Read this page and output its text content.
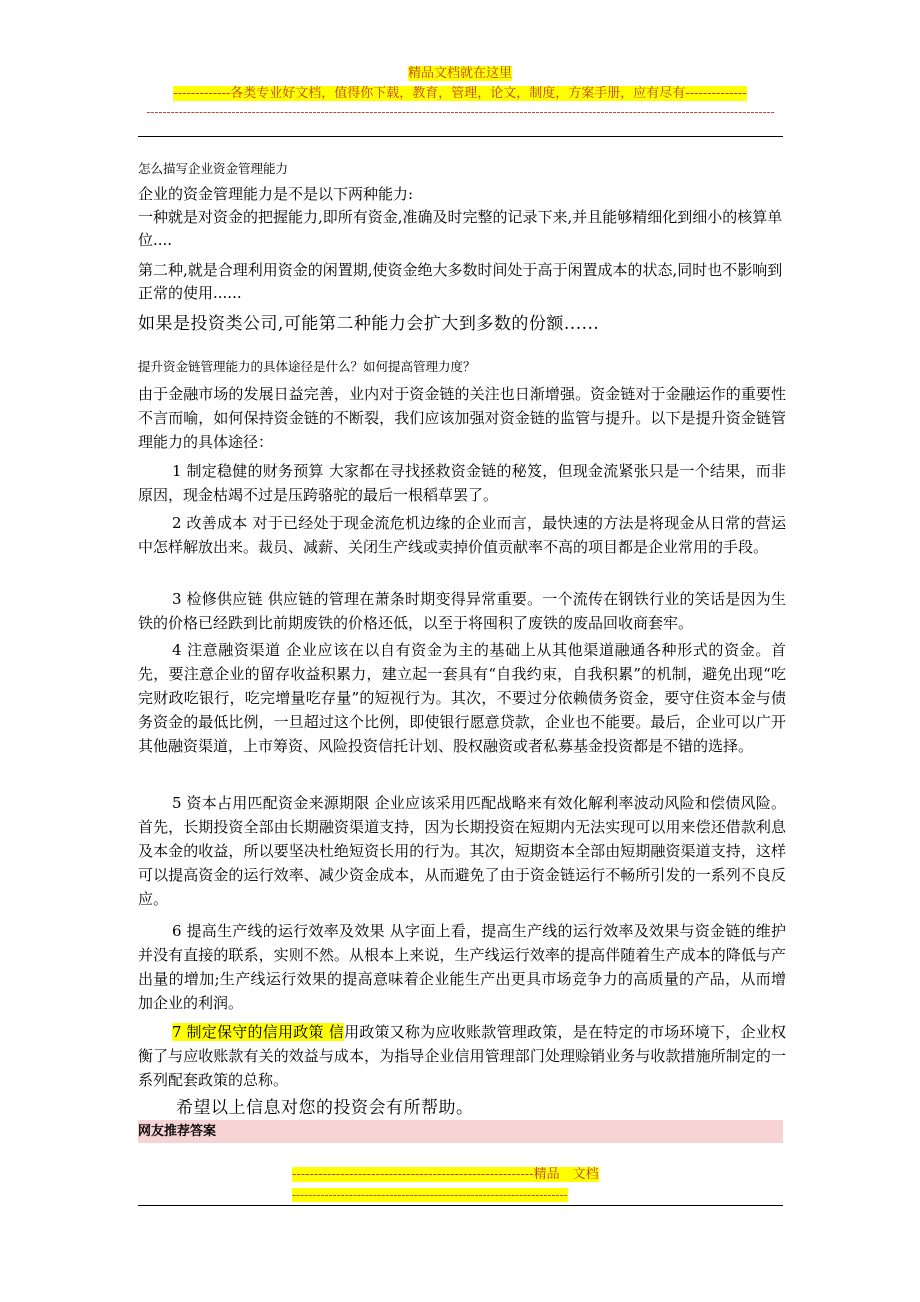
精品文档就在这里
-------------各类专业好文档，值得你下载，教育，管理，论文，制度，方案手册，应有尽有--------------
-----------------------------------------------------------------------------------------------------------------------------------------------------------
怎么描写企业资金管理能力
企业的资金管理能力是不是以下两种能力:
一种就是对资金的把握能力,即所有资金,准确及时完整的记录下来,并且能够精细化到细小的核算单位....
第二种,就是合理利用资金的闲置期,使资金绝大多数时间处于高于闲置成本的状态,同时也不影响到正常的使用......
如果是投资类公司,可能第二种能力会扩大到多数的份额......
提升资金链管理能力的具体途径是什么？如何提高管理力度？
由于金融市场的发展日益完善，业内对于资金链的关注也日渐增强。资金链对于金融运作的重要性不言而喻，如何保持资金链的不断裂，我们应该加强对资金链的监管与提升。以下是提升资金链管理能力的具体途径：
1 制定稳健的财务预算 大家都在寻找拯救资金链的秘笈，但现金流紧张只是一个结果，而非原因，现金枯竭不过是压跨骆驼的最后一根稻草罢了。
2 改善成本 对于已经处于现金流危机边缘的企业而言，最快速的方法是将现金从日常的营运中怎样解放出来。裁员、减薪、关闭生产线或卖掉价值贡献率不高的项目都是企业常用的手段。
3 检修供应链 供应链的管理在萧条时期变得异常重要。一个流传在钢铁行业的笑话是因为生铁的价格已经跌到比前期废铁的价格还低，以至于将囤积了废铁的废品回收商套牢。
4 注意融资渠道 企业应该在以自有资金为主的基础上从其他渠道融通各种形式的资金。首先，要注意企业的留存收益积累力，建立起一套具有“自我约束，自我积累”的机制，避免出现“吃完财政吃银行，吃完增量吃存量”的短视行为。其次，不要过分依赖债务资金，要守住资本金与债务资金的最低比例，一旦超过这个比例，即使银行愿意贷款，企业也不能要。最后，企业可以广开其他融资渠道，上市筹资、风险投资信托计划、股权融资或者私募基金投资都是不错的选择。
5 资本占用匹配资金来源期限 企业应该采用匹配战略来有效化解利率波动风险和偿债风险。首先，长期投资全部由长期融资渠道支持，因为长期投资在短期内无法实现可以用来偿还借款利息及本金的收益，所以要坚决杜绝短资长用的行为。其次，短期资本全部由短期融资渠道支持，这样可以提高资金的运行效率、减少资金成本，从而避免了由于资金链运行不畅所引发的一系列不良反应。
6 提高生产线的运行效率及效果 从字面上看，提高生产线的运行效率及效果与资金链的维护并没有直接的联系，实则不然。从根本上来说，生产线运行效率的提高伴随着生产成本的降低与产出量的增加;生产线运行效果的提高意味着企业能生产出更具市场竞争力的高质量的产品，从而增加企业的利润。
7 制定保守的信用政策 信用政策又称为应收账款管理政策，是在特定的市场环境下，企业权衡了与应收账款有关的效益与成本，为指导企业信用管理部门处理赊销业务与收款措施所制定的一系列配套政策的总称。
希望以上信息对您的投资会有所帮助。
网友推荐答案
-------------------------------------------------------精品　文档
--------------------------------------------------------------------
